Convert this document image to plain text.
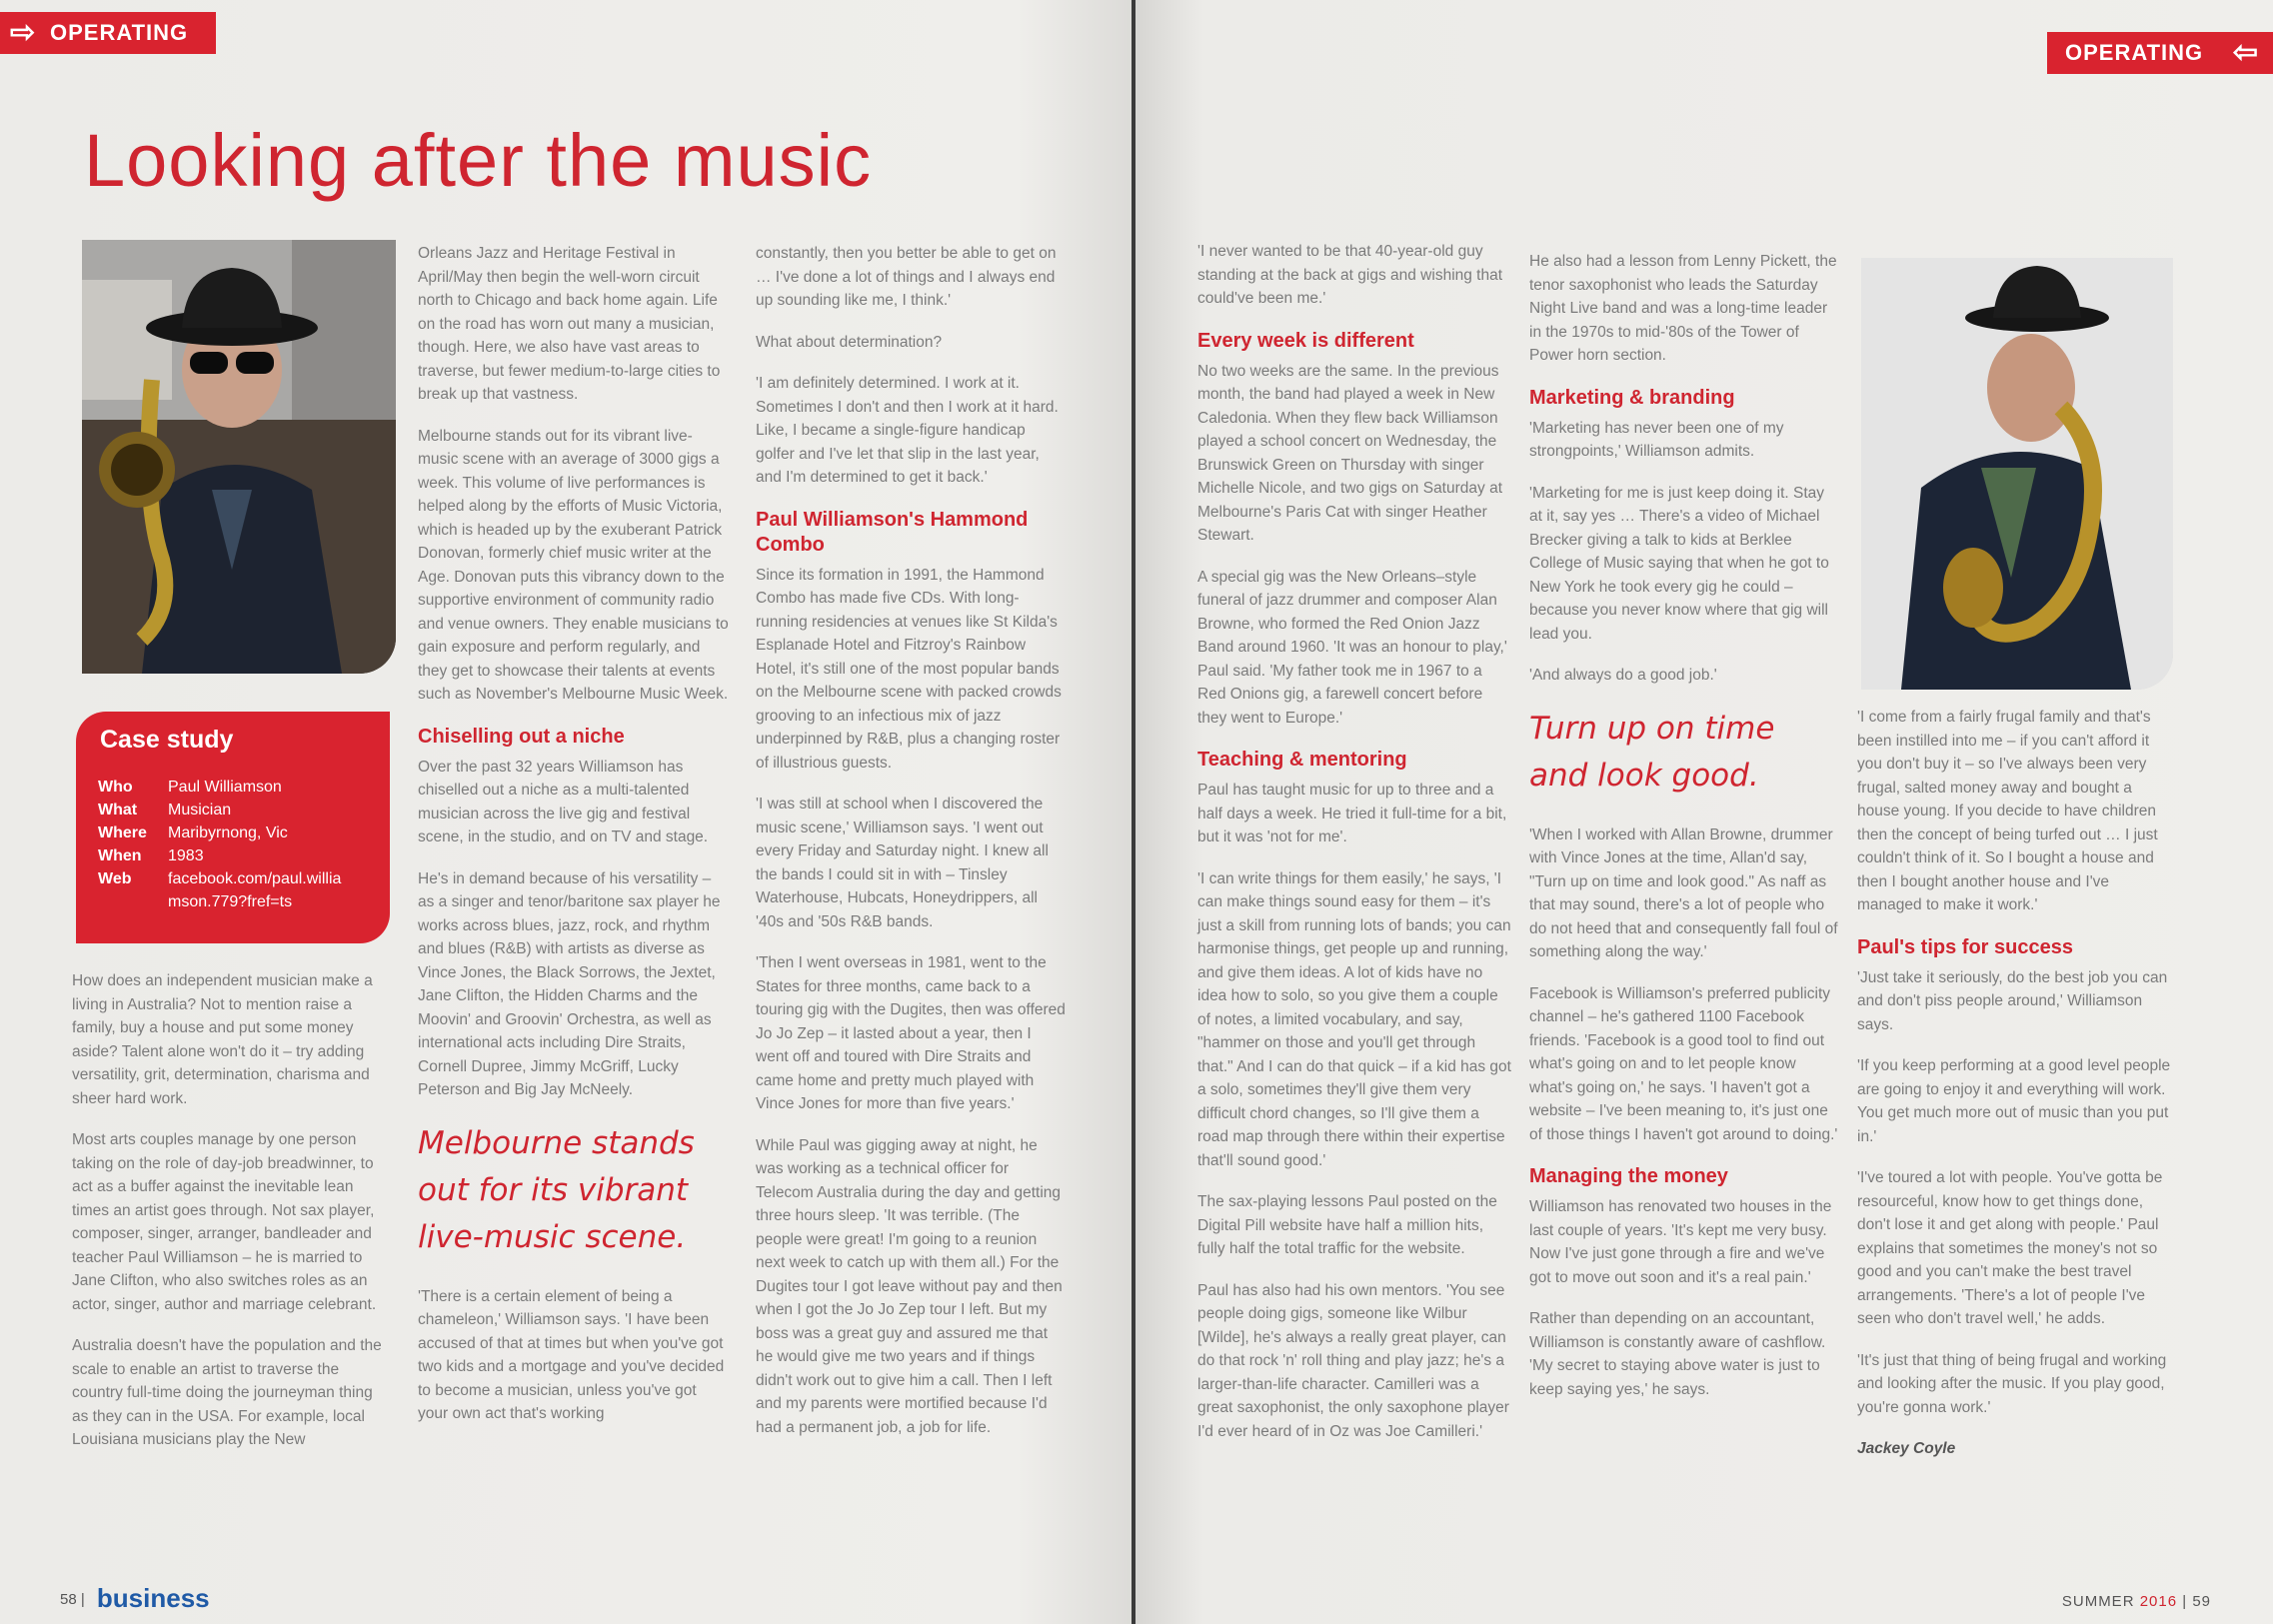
⇨ OPERATING
Looking after the music
Case study
Who	Paul Williamson
What	Musician
Where	Maribyrnong, Vic
When	1983
Web	facebook.com/paul.williamson.779?fref=ts

How does an independent musician make a living in Australia? Not to mention raise a family, buy a house and put some money aside? Talent alone won't do it – try adding versatility, grit, determination, charisma and sheer hard work.

Most arts couples manage by one person taking on the role of day-job breadwinner, to act as a buffer against the inevitable lean times an artist goes through. Not sax player, composer, singer, arranger, bandleader and teacher Paul Williamson – he is married to Jane Clifton, who also switches roles as an actor, singer, author and marriage celebrant.

Australia doesn't have the population and the scale to enable an artist to traverse the country full-time doing the journeyman thing as they can in the USA. For example, local Louisiana musicians play the New

Orleans Jazz and Heritage Festival in April/May then begin the well-worn circuit north to Chicago and back home again. Life on the road has worn out many a musician, though. Here, we also have vast areas to traverse, but fewer medium-to-large cities to break up that vastness.

Melbourne stands out for its vibrant live-music scene with an average of 3000 gigs a week. This volume of live performances is helped along by the efforts of Music Victoria, which is headed up by the exuberant Patrick Donovan, formerly chief music writer at the Age. Donovan puts this vibrancy down to the supportive environment of community radio and venue owners. They enable musicians to gain exposure and perform regularly, and they get to showcase their talents at events such as November's Melbourne Music Week.

Chiselling out a niche

Over the past 32 years Williamson has chiselled out a niche as a multi-talented musician across the live gig and festival scene, in the studio, and on TV and stage.

He's in demand because of his versatility – as a singer and tenor/baritone sax player he works across blues, jazz, rock, and rhythm and blues (R&B) with artists as diverse as Vince Jones, the Black Sorrows, the Jextet, Jane Clifton, the Hidden Charms and the Moovin' and Groovin' Orchestra, as well as international acts including Dire Straits, Cornell Dupree, Jimmy McGriff, Lucky Peterson and Big Jay McNeely.

Melbourne stands out for its vibrant live-music scene.

'There is a certain element of being a chameleon,' Williamson says. 'I have been accused of that at times but when you've got two kids and a mortgage and you've decided to become a musician, unless you've got your own act that's working

constantly, then you better be able to get on … I've done a lot of things and I always end up sounding like me, I think.'

What about determination?

'I am definitely determined. I work at it. Sometimes I don't and then I work at it hard. Like, I became a single-figure handicap golfer and I've let that slip in the last year, and I'm determined to get it back.'

Paul Williamson's Hammond Combo

Since its formation in 1991, the Hammond Combo has made five CDs. With long-running residencies at venues like St Kilda's Esplanade Hotel and Fitzroy's Rainbow Hotel, it's still one of the most popular bands on the Melbourne scene with packed crowds grooving to an infectious mix of jazz underpinned by R&B, plus a changing roster of illustrious guests.

'I was still at school when I discovered the music scene,' Williamson says. 'I went out every Friday and Saturday night. I knew all the bands I could sit in with – Tinsley Waterhouse, Hubcats, Honeydrippers, all '40s and '50s R&B bands.

'Then I went overseas in 1981, went to the States for three months, came back to a touring gig with the Dugites, then was offered Jo Jo Zep – it lasted about a year, then I went off and toured with Dire Straits and came home and pretty much played with Vince Jones for more than five years.'

While Paul was gigging away at night, he was working as a technical officer for Telecom Australia during the day and getting three hours sleep. 'It was terrible. (The people were great! I'm going to a reunion next week to catch up with them all.) For the Dugites tour I got leave without pay and then when I got the Jo Jo Zep tour I left. But my boss was a great guy and assured me that he would give me two years and if things didn't work out to give him a call. Then I left and my parents were mortified because I'd had a permanent job, a job for life.

58 | business
OPERATING ⇦

'I never wanted to be that 40-year-old guy standing at the back at gigs and wishing that could've been me.'

Every week is different

No two weeks are the same. In the previous month, the band had played a week in New Caledonia. When they flew back Williamson played a school concert on Wednesday, the Brunswick Green on Thursday with singer Michelle Nicole, and two gigs on Saturday at Melbourne's Paris Cat with singer Heather Stewart.

A special gig was the New Orleans–style funeral of jazz drummer and composer Alan Browne, who formed the Red Onion Jazz Band around 1960. 'It was an honour to play,' Paul said. 'My father took me in 1967 to a Red Onions gig, a farewell concert before they went to Europe.'

Teaching & mentoring

Paul has taught music for up to three and a half days a week. He tried it full-time for a bit, but it was 'not for me'.

'I can write things for them easily,' he says, 'I can make things sound easy for them – it's just a skill from running lots of bands; you can harmonise things, get people up and running, and give them ideas. A lot of kids have no idea how to solo, so you give them a couple of notes, a limited vocabulary, and say, "hammer on those and you'll get through that." And I can do that quick – if a kid has got a solo, sometimes they'll give them very difficult chord changes, so I'll give them a road map through there within their expertise that'll sound good.'

The sax-playing lessons Paul posted on the Digital Pill website have half a million hits, fully half the total traffic for the website.

Paul has also had his own mentors. 'You see people doing gigs, someone like Wilbur [Wilde], he's always a really great player, can do that rock 'n' roll thing and play jazz; he's a larger-than-life character. Camilleri was a great saxophonist, the only saxophone player I'd ever heard of in Oz was Joe Camilleri.'

He also had a lesson from Lenny Pickett, the tenor saxophonist who leads the Saturday Night Live band and was a long-time leader in the 1970s to mid-'80s of the Tower of Power horn section.

Marketing & branding

'Marketing has never been one of my strongpoints,' Williamson admits.

'Marketing for me is just keep doing it. Stay at it, say yes … There's a video of Michael Brecker giving a talk to kids at Berklee College of Music saying that when he got to New York he took every gig he could – because you never know where that gig will lead you.

'And always do a good job.'

Turn up on time and look good.

'When I worked with Allan Browne, drummer with Vince Jones at the time, Allan'd say, "Turn up on time and look good." As naff as that may sound, there's a lot of people who do not heed that and consequently fall foul of something along the way.'

Facebook is Williamson's preferred publicity channel – he's gathered 1100 Facebook friends. 'Facebook is a good tool to find out what's going on and to let people know what's going on,' he says. 'I haven't got a website – I've been meaning to, it's just one of those things I haven't got around to doing.'

Managing the money

Williamson has renovated two houses in the last couple of years. 'It's kept me very busy. Now I've just gone through a fire and we've got to move out soon and it's a real pain.'

Rather than depending on an accountant, Williamson is constantly aware of cashflow. 'My secret to staying above water is just to keep saying yes,' he says.

'I come from a fairly frugal family and that's been instilled into me – if you can't afford it you don't buy it – so I've always been very frugal, salted money away and bought a house young. If you decide to have children then the concept of being turfed out … I just couldn't think of it. So I bought a house and then I bought another house and I've managed to make it work.'

Paul's tips for success

'Just take it seriously, do the best job you can and don't piss people around,' Williamson says.

'If you keep performing at a good level people are going to enjoy it and everything will work. You get much more out of music than you put in.'

'I've toured a lot with people. You've gotta be resourceful, know how to get things done, don't lose it and get along with people.' Paul explains that sometimes the money's not so good and you can't make the best travel arrangements. 'There's a lot of people I've seen who don't travel well,' he adds.

'It's just that thing of being frugal and working and looking after the music. If you play good, you're gonna work.'

Jackey Coyle

SUMMER 2016 | 59
